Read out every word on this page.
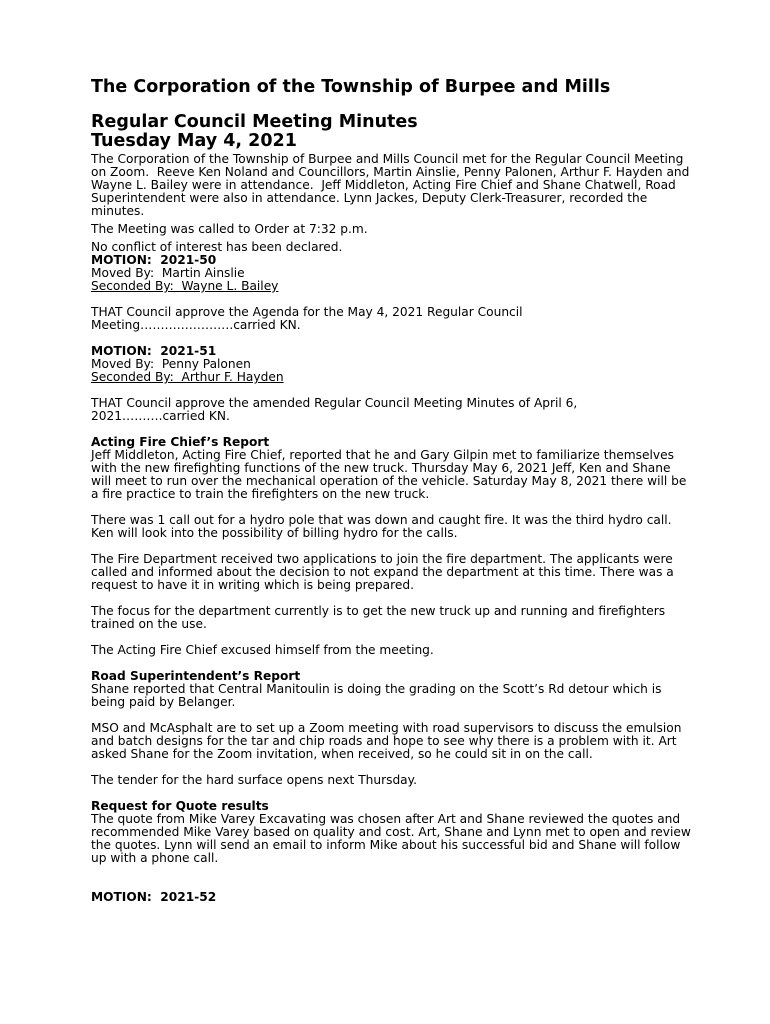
The Corporation of the Township of Burpee and Mills
Regular Council Meeting Minutes
Tuesday May 4, 2021

The Corporation of the Township of Burpee and Mills Council met for the Regular Council Meeting on Zoom.  Reeve Ken Noland and Councillors, Martin Ainslie, Penny Palonen, Arthur F. Hayden and Wayne L. Bailey were in attendance.  Jeff Middleton, Acting Fire Chief and Shane Chatwell, Road Superintendent were also in attendance. Lynn Jackes, Deputy Clerk-Treasurer, recorded the minutes.

The Meeting was called to Order at 7:32 p.m.

No conflict of interest has been declared.

MOTION:  2021-50

Moved By:  Martin Ainslie

Seconded By:  Wayne L. Bailey

THAT Council approve the Agenda for the May 4, 2021 Regular Council Meeting……….………….carried KN.

MOTION:  2021-51

Moved By:  Penny Palonen

Seconded By:  Arthur F. Hayden

THAT Council approve the amended Regular Council Meeting Minutes of April 6, 2021……….carried KN.

Acting Fire Chief’s Report

Jeff Middleton, Acting Fire Chief, reported that he and Gary Gilpin met to familiarize themselves with the new firefighting functions of the new truck. Thursday May 6, 2021 Jeff, Ken and Shane will meet to run over the mechanical operation of the vehicle. Saturday May 8, 2021 there will be a fire practice to train the firefighters on the new truck.

There was 1 call out for a hydro pole that was down and caught fire. It was the third hydro call. Ken will look into the possibility of billing hydro for the calls.

The Fire Department received two applications to join the fire department. The applicants were called and informed about the decision to not expand the department at this time. There was a request to have it in writing which is being prepared.

The focus for the department currently is to get the new truck up and running and firefighters trained on the use.

The Acting Fire Chief excused himself from the meeting.

Road Superintendent’s Report

Shane reported that Central Manitoulin is doing the grading on the Scott’s Rd detour which is being paid by Belanger.

MSO and McAsphalt are to set up a Zoom meeting with road supervisors to discuss the emulsion and batch designs for the tar and chip roads and hope to see why there is a problem with it. Art asked Shane for the Zoom invitation, when received, so he could sit in on the call.

The tender for the hard surface opens next Thursday.

Request for Quote results

The quote from Mike Varey Excavating was chosen after Art and Shane reviewed the quotes and recommended Mike Varey based on quality and cost. Art, Shane and Lynn met to open and review the quotes. Lynn will send an email to inform Mike about his successful bid and Shane will follow up with a phone call.

MOTION:  2021-52
